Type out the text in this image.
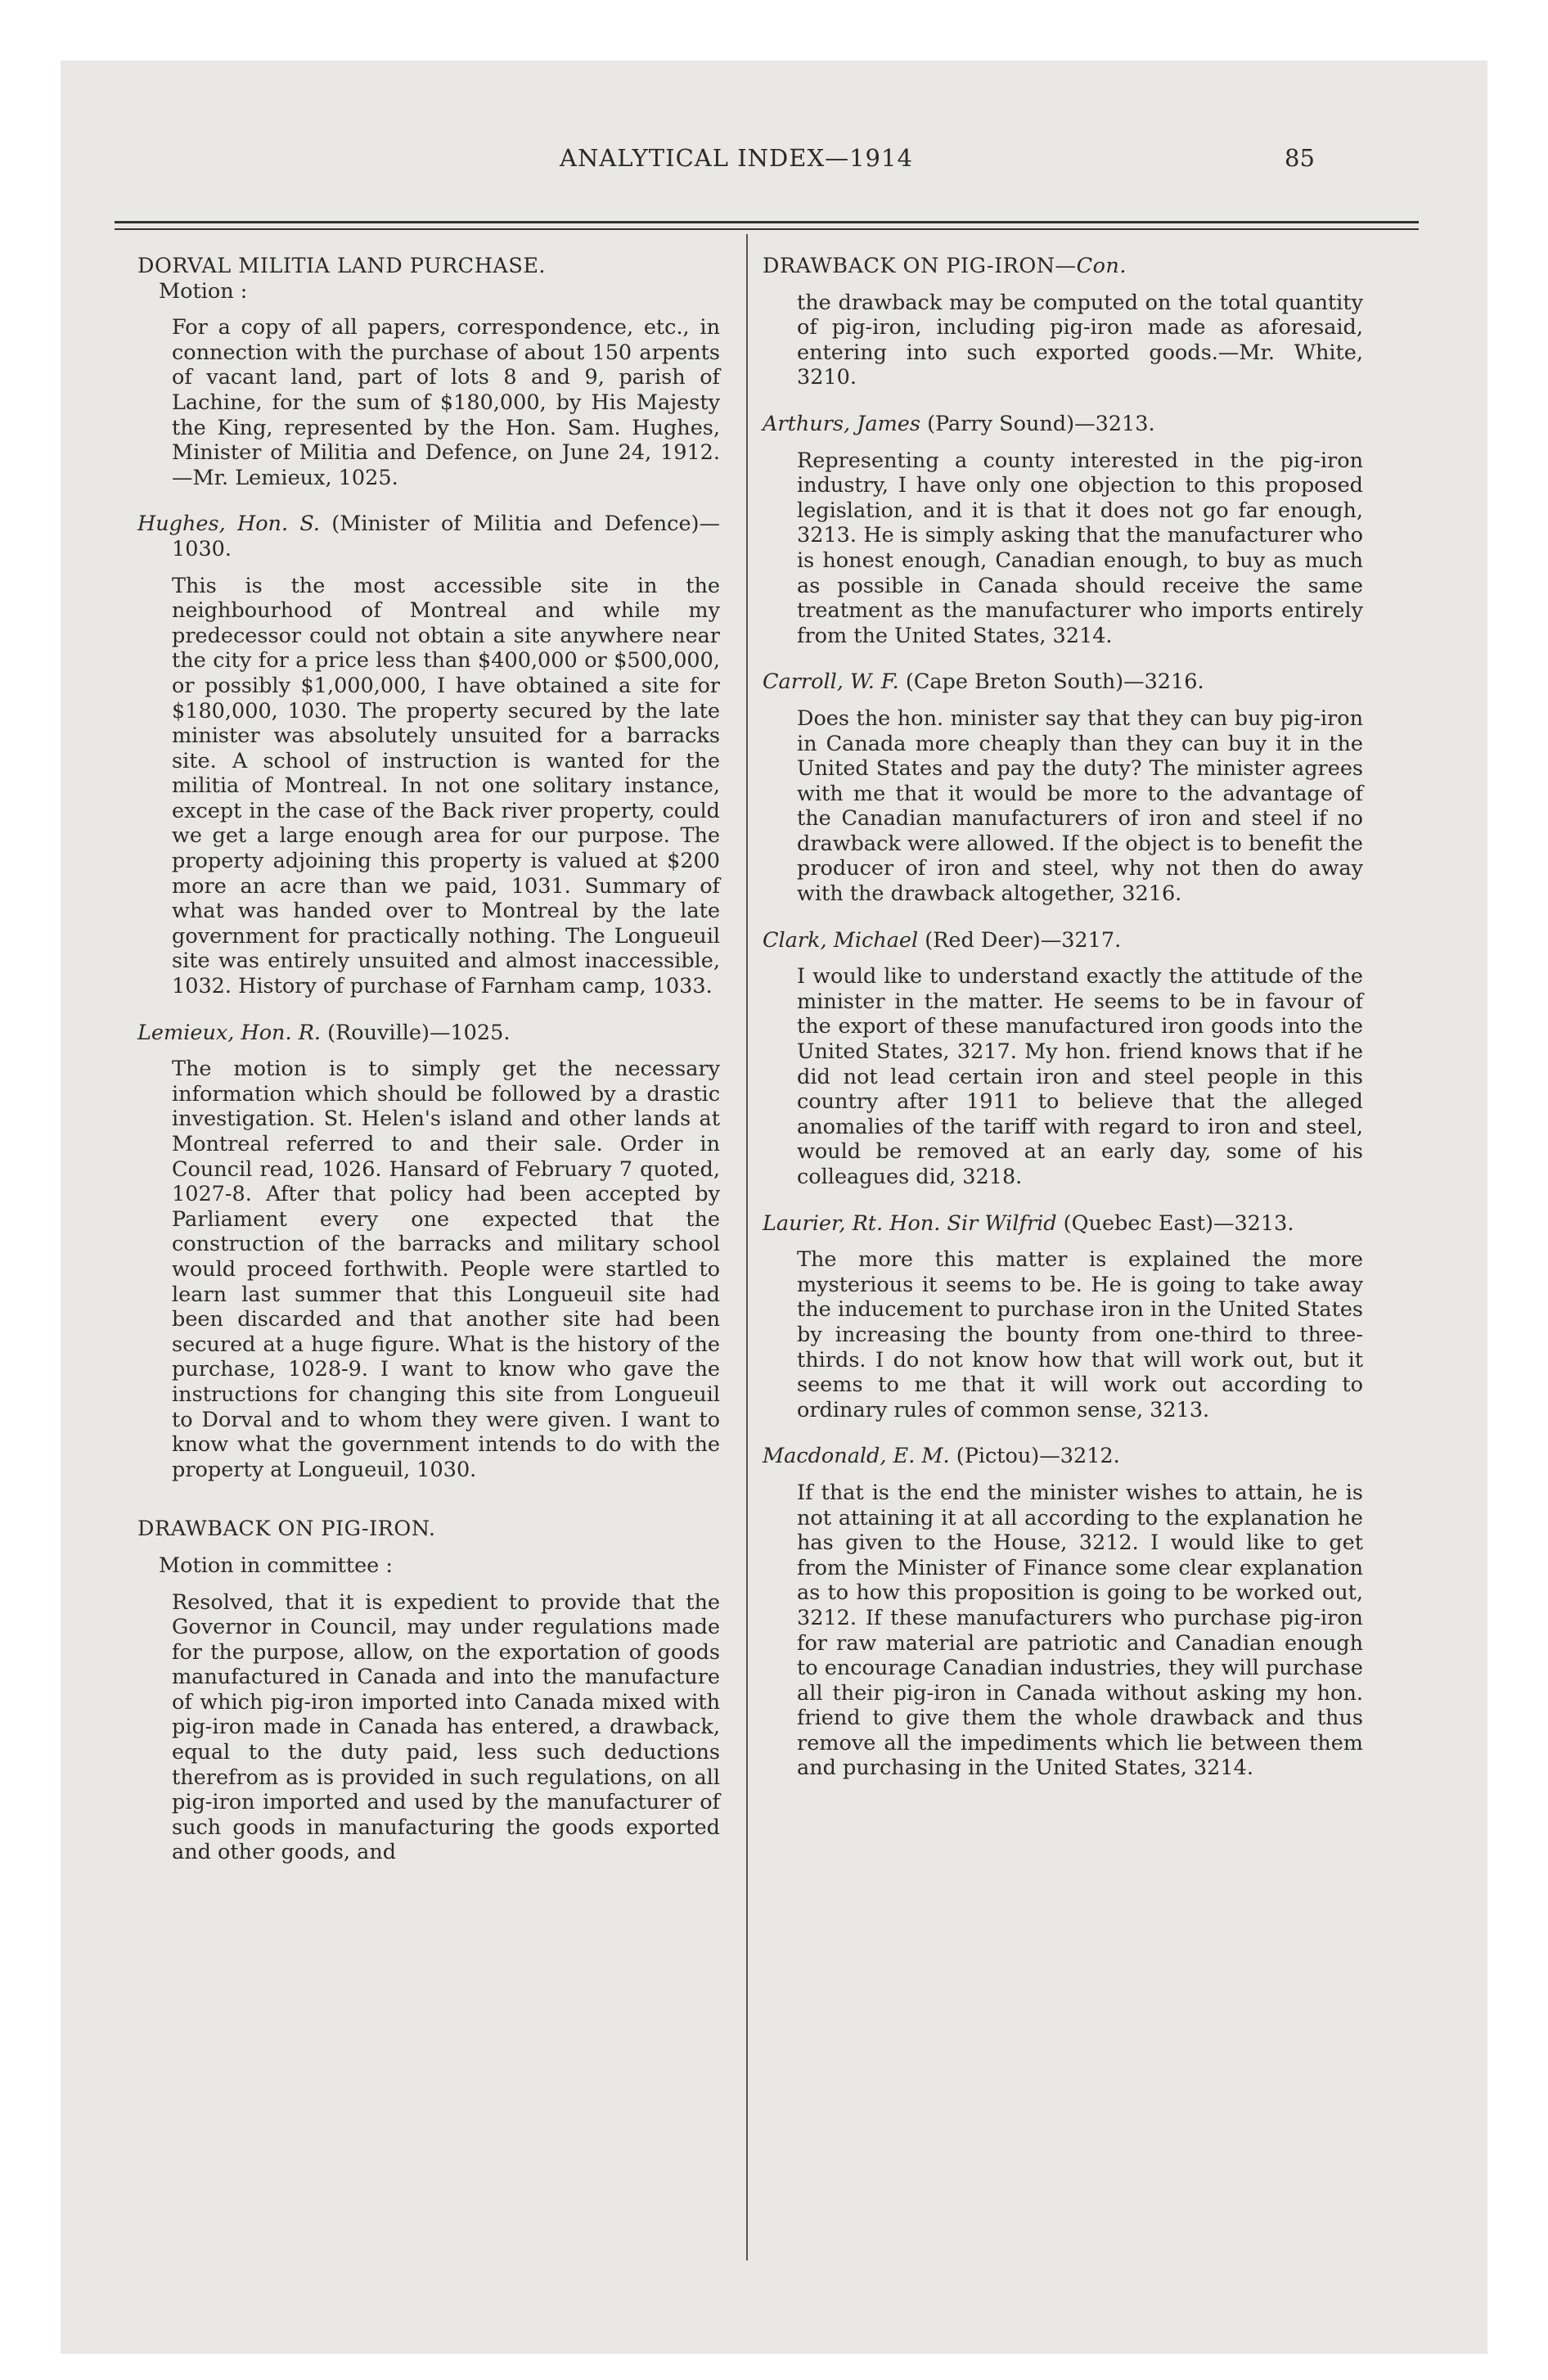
ANALYTICAL INDEX—1914	85

DORVAL MILITIA LAND PURCHASE.

Motion :

For a copy of all papers, correspondence, etc., in connection with the purchase of about 150 arpents of vacant land, part of lots 8 and 9, parish of Lachine, for the sum of $180,000, by His Majesty the King, represented by the Hon. Sam. Hughes, Minister of Militia and Defence, on June 24, 1912.—Mr. Lemieux, 1025.

Hughes, Hon. S. (Minister of Militia and Defence)—1030.

This is the most accessible site in the neighbourhood of Montreal and while my predecessor could not obtain a site anywhere near the city for a price less than $400,000 or $500,000, or possibly $1,000,000, I have obtained a site for $180,000, 1030. The property secured by the late minister was absolutely unsuited for a barracks site. A school of instruction is wanted for the militia of Montreal. In not one solitary instance, except in the case of the Back river property, could we get a large enough area for our purpose. The property adjoining this property is valued at $200 more an acre than we paid, 1031. Summary of what was handed over to Montreal by the late government for practically nothing. The Longueuil site was entirely unsuited and almost inaccessible, 1032. History of purchase of Farnham camp, 1033.

Lemieux, Hon. R. (Rouville)—1025.

The motion is to simply get the necessary information which should be followed by a drastic investigation. St. Helen's island and other lands at Montreal referred to and their sale. Order in Council read, 1026. Hansard of February 7 quoted, 1027-8. After that policy had been accepted by Parliament every one expected that the construction of the barracks and military school would proceed forthwith. People were startled to learn last summer that this Longueuil site had been discarded and that another site had been secured at a huge figure. What is the history of the purchase, 1028-9. I want to know who gave the instructions for changing this site from Longueuil to Dorval and to whom they were given. I want to know what the government intends to do with the property at Longueuil, 1030.

DRAWBACK ON PIG-IRON.

Motion in committee :

Resolved, that it is expedient to provide that the Governor in Council, may under regulations made for the purpose, allow, on the exportation of goods manufactured in Canada and into the manufacture of which pig-iron imported into Canada mixed with pig-iron made in Canada has entered, a drawback, equal to the duty paid, less such deductions therefrom as is provided in such regulations, on all pig-iron imported and used by the manufacturer of such goods in manufacturing the goods exported and other goods, and

DRAWBACK ON PIG-IRON—Con.

the drawback may be computed on the total quantity of pig-iron, including pig-iron made as aforesaid, entering into such exported goods.—Mr. White, 3210.

Arthurs, James (Parry Sound)—3213.

Representing a county interested in the pig-iron industry, I have only one objection to this proposed legislation, and it is that it does not go far enough, 3213. He is simply asking that the manufacturer who is honest enough, Canadian enough, to buy as much as possible in Canada should receive the same treatment as the manufacturer who imports entirely from the United States, 3214.

Carroll, W. F. (Cape Breton South)—3216.

Does the hon. minister say that they can buy pig-iron in Canada more cheaply than they can buy it in the United States and pay the duty? The minister agrees with me that it would be more to the advantage of the Canadian manufacturers of iron and steel if no drawback were allowed. If the object is to benefit the producer of iron and steel, why not then do away with the drawback altogether, 3216.

Clark, Michael (Red Deer)—3217.

I would like to understand exactly the attitude of the minister in the matter. He seems to be in favour of the export of these manufactured iron goods into the United States, 3217. My hon. friend knows that if he did not lead certain iron and steel people in this country after 1911 to believe that the alleged anomalies of the tariff with regard to iron and steel, would be removed at an early day, some of his colleagues did, 3218.

Laurier, Rt. Hon. Sir Wilfrid (Quebec East)—3213.

The more this matter is explained the more mysterious it seems to be. He is going to take away the inducement to purchase iron in the United States by increasing the bounty from one-third to three-thirds. I do not know how that will work out, but it seems to me that it will work out according to ordinary rules of common sense, 3213.

Macdonald, E. M. (Pictou)—3212.

If that is the end the minister wishes to attain, he is not attaining it at all according to the explanation he has given to the House, 3212. I would like to get from the Minister of Finance some clear explanation as to how this proposition is going to be worked out, 3212. If these manufacturers who purchase pig-iron for raw material are patriotic and Canadian enough to encourage Canadian industries, they will purchase all their pig-iron in Canada without asking my hon. friend to give them the whole drawback and thus remove all the impediments which lie between them and purchasing in the United States, 3214.
